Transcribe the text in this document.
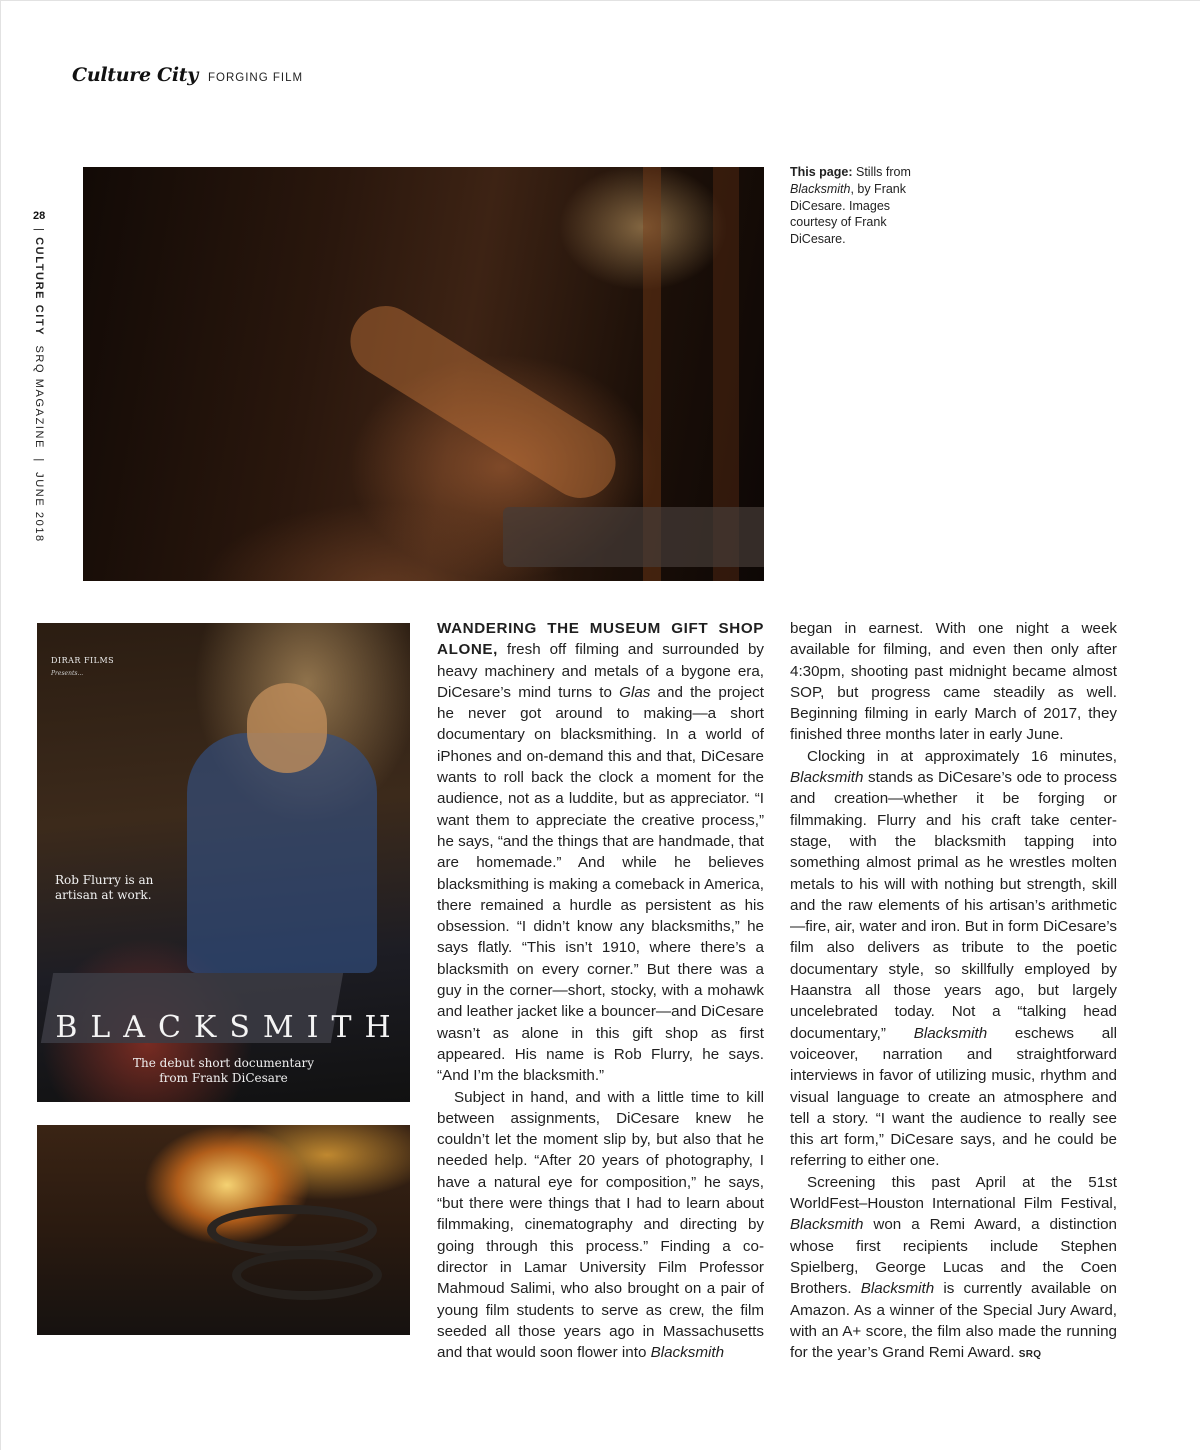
Culture City FORGING FILM
28
| CULTURE CITY  SRQ MAGAZINE  |  JUNE 2018
This page: Stills from Blacksmith, by Frank DiCesare. Images courtesy of Frank DiCesare.
DIRAR FILMS
Presents...
Rob Flurry is an
artisan at work.
BLACKSMITH
The debut short documentary
from Frank DiCesare

WANDERING THE MUSEUM GIFT SHOP ALONE, fresh off filming and surrounded by heavy machinery and metals of a bygone era, DiCesare’s mind turns to Glas and the project he never got around to making—a short documentary on blacksmithing. In a world of iPhones and on-demand this and that, DiCesare wants to roll back the clock a moment for the audience, not as a luddite, but as appreciator. “I want them to appreciate the creative process,” he says, “and the things that are handmade, that are homemade.” And while he believes blacksmithing is making a comeback in America, there remained a hurdle as persistent as his obsession. “I didn’t know any blacksmiths,” he says flatly. “This isn’t 1910, where there’s a blacksmith on every corner.” But there was a guy in the corner—short, stocky, with a mohawk and leather jacket like a bouncer—and DiCesare wasn’t as alone in this gift shop as first appeared. His name is Rob Flurry, he says. “And I’m the blacksmith.”

Subject in hand, and with a little time to kill between assignments, DiCesare knew he couldn’t let the moment slip by, but also that he needed help. “After 20 years of photography, I have a natural eye for composition,” he says, “but there were things that I had to learn about filmmaking, cinematography and directing by going through this process.” Finding a co-director in Lamar University Film Professor Mahmoud Salimi, who also brought on a pair of young film students to serve as crew, the film seeded all those years ago in Massachusetts and that would soon flower into Blacksmith

began in earnest. With one night a week available for filming, and even then only after 4:30pm, shooting past midnight became almost SOP, but progress came steadily as well. Beginning filming in early March of 2017, they finished three months later in early June.

Clocking in at approximately 16 minutes, Blacksmith stands as DiCesare’s ode to process and creation—whether it be forging or filmmaking. Flurry and his craft take center-stage, with the blacksmith tapping into something almost primal as he wrestles molten metals to his will with nothing but strength, skill and the raw elements of his artisan’s arithmetic—fire, air, water and iron. But in form DiCesare’s film also delivers as tribute to the poetic documentary style, so skillfully employed by Haanstra all those years ago, but largely uncelebrated today. Not a “talking head documentary,” Blacksmith eschews all voiceover, narration and straightforward interviews in favor of utilizing music, rhythm and visual language to create an atmosphere and tell a story. “I want the audience to really see this art form,” DiCesare says, and he could be referring to either one.

Screening this past April at the 51st WorldFest–Houston International Film Festival, Blacksmith won a Remi Award, a distinction whose first recipients include Stephen Spielberg, George Lucas and the Coen Brothers. Blacksmith is currently available on Amazon. As a winner of the Special Jury Award, with an A+ score, the film also made the running for the year’s Grand Remi Award. SRQ
